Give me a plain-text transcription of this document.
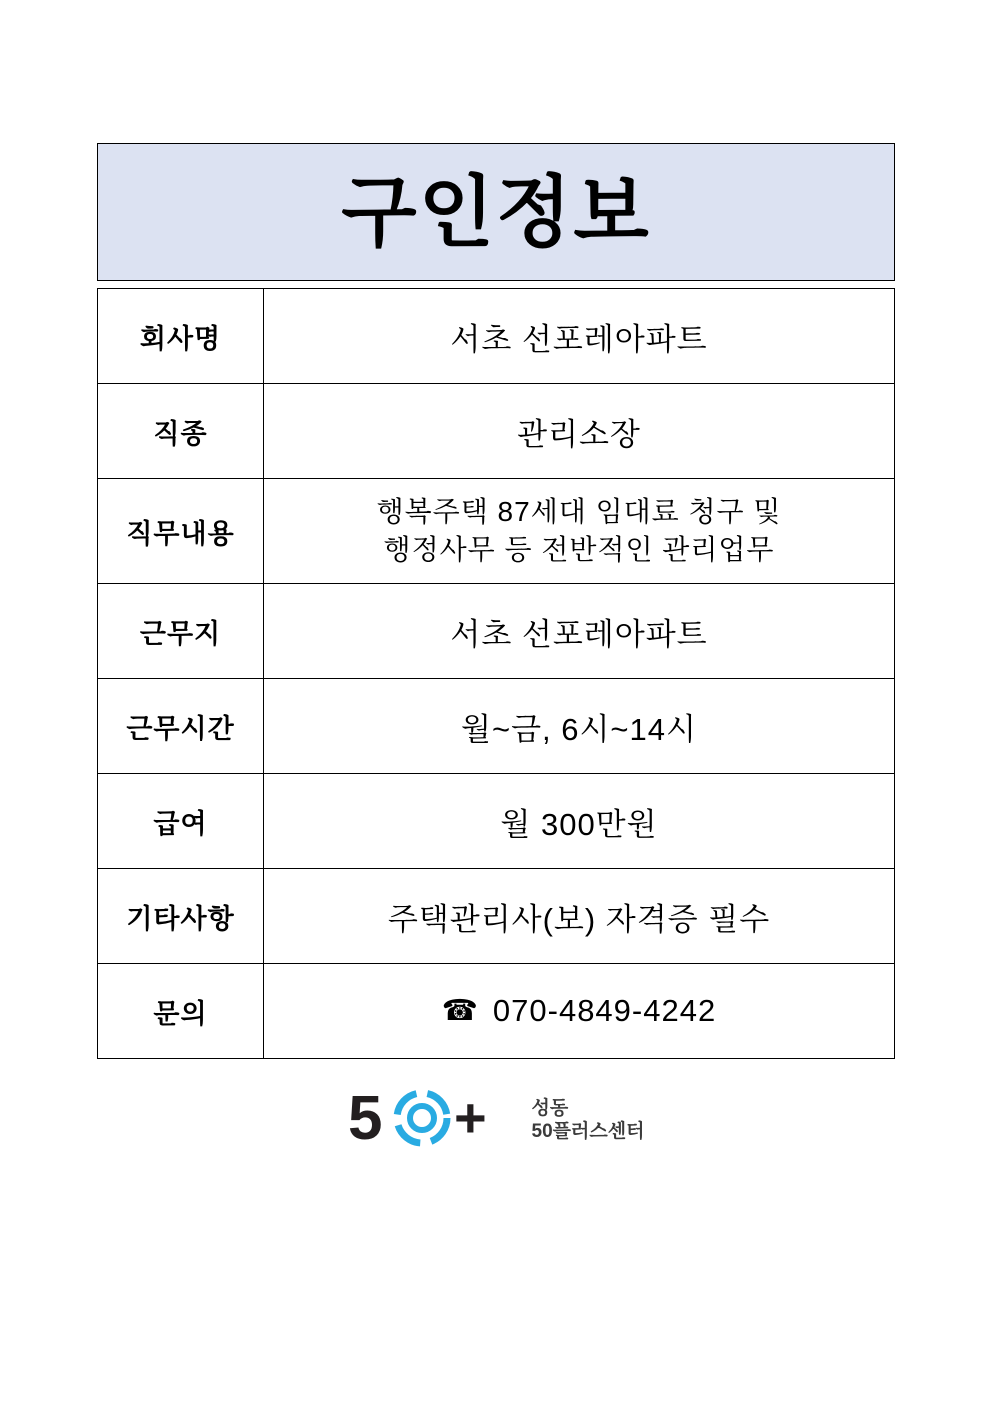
구인정보
회사명	서초 선포레아파트
직종	관리소장
직무내용	행복주택 87세대 임대료 청구 및
행정사무 등 전반적인 관리업무

근무지	서초 선포레아파트
근무시간	월~금, 6시~14시
급여	월 300만원
기타사항	주택관리사(보) 자격증 필수
문의	☎ 070-4849-4242
5 + 성동
50플러스센터
